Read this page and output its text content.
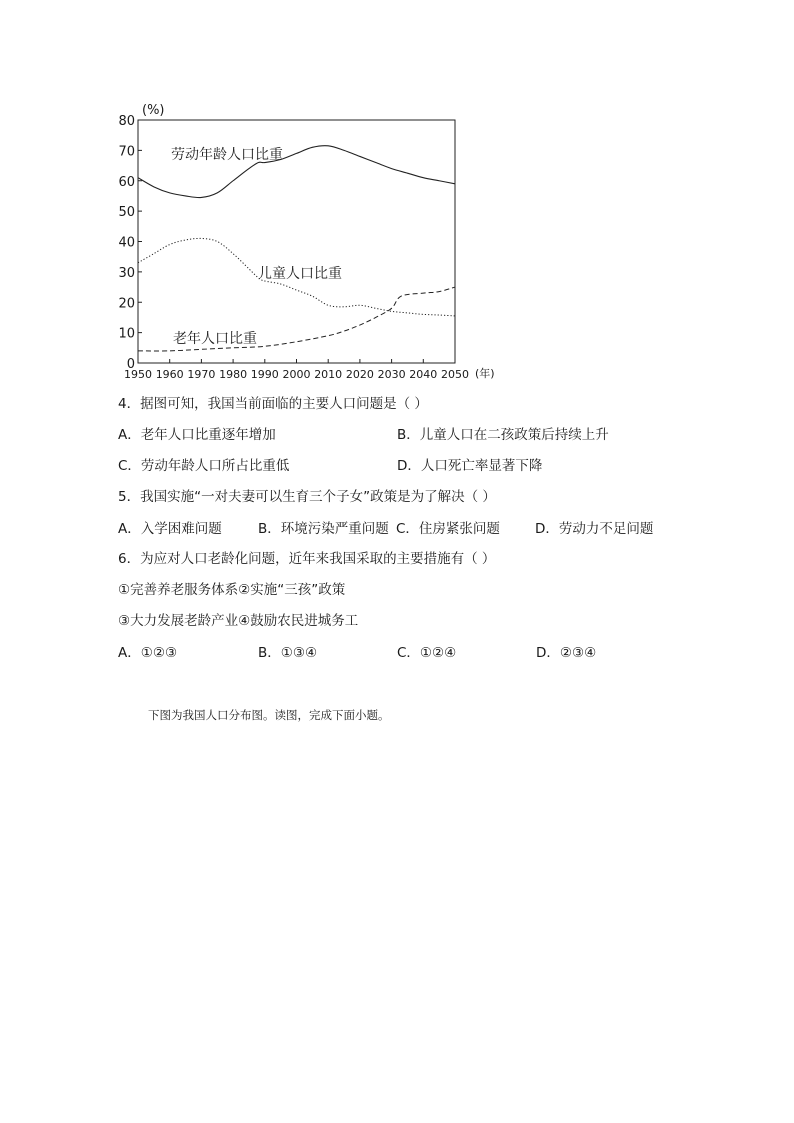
(%)
0
10
20
30
40
50
60
70
80
1950 1960 1970 1980 1990 2000 2010 2020 2030 2040 2050
劳动年龄人口比重
儿童人口比重
老年人口比重
(年)

4．据图可知，我国当前面临的主要人口问题是（ ）

A．老年人口比重逐年增加	B．儿童人口在二孩政策后持续上升
C．劳动年龄人口所占比重低	D．人口死亡率显著下降

5．我国实施“一对夫妻可以生育三个子女”政策是为了解决（ ）

A．入学困难问题	B．环境污染严重问题 C．住房紧张问题	D．劳动力不足问题

6．为应对人口老龄化问题，近年来我国采取的主要措施有（ ）

①完善养老服务体系②实施“三孩”政策
③大力发展老龄产业④鼓励农民进城务工
A．①②③	B．①③④	C．①②④	D．②③④
下图为我国人口分布图。读图，完成下面小题。
